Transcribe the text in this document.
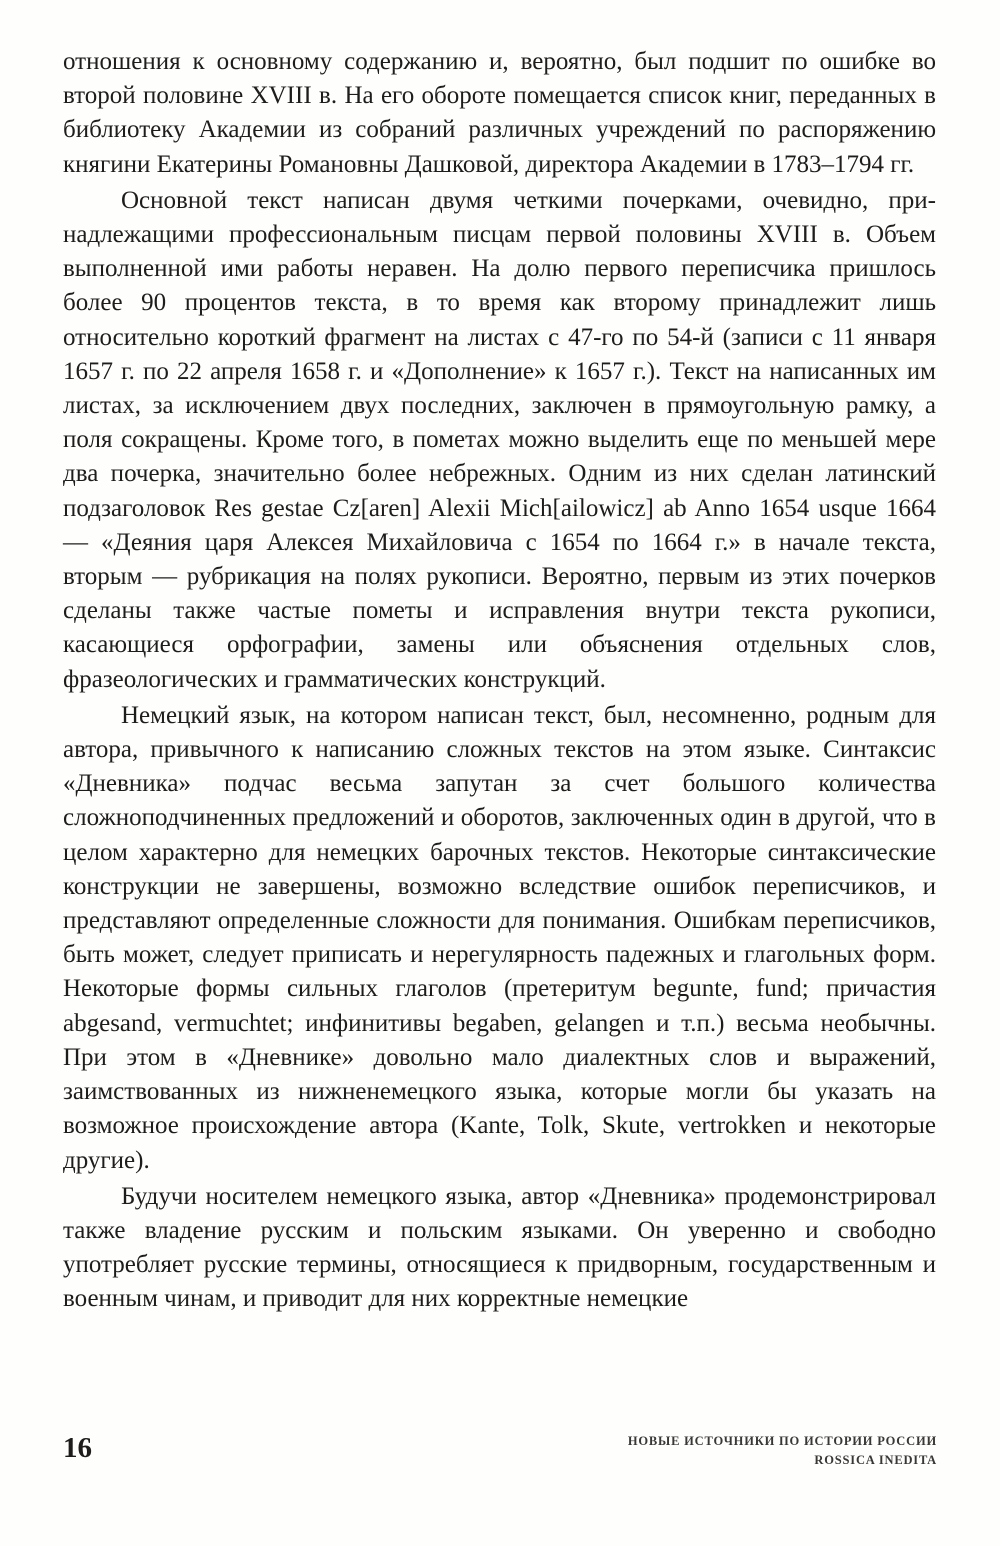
отношения к основному содержанию и, вероятно, был подшит по ошибке во второй половине XVIII в. На его обороте помещается список книг, переданных в библиотеку Академии из собраний различных учреждений по распоряжению княгини Екатерины Романовны Дашковой, директора Академии в 1783–1794 гг.

Основной текст написан двумя четкими почерками, очевидно, принадлежащими профессиональным писцам первой половины XVIII в. Объем выполненной ими работы неравен. На долю первого переписчика пришлось более 90 процентов текста, в то время как второму принадлежит лишь относительно короткий фрагмент на листах с 47-го по 54-й (записи с 11 января 1657 г. по 22 апреля 1658 г. и «Дополнение» к 1657 г.). Текст на написанных им листах, за исключением двух последних, заключен в прямоугольную рамку, а поля сокращены. Кроме того, в пометах можно выделить еще по меньшей мере два почерка, значительно более небрежных. Одним из них сделан латинский подзаголовок Res gestae Cz[aren] Alexii Mich[ailowicz] ab Anno 1654 usque 1664 — «Деяния царя Алексея Михайловича с 1654 по 1664 г.» в начале текста, вторым — рубрикация на полях рукописи. Вероятно, первым из этих почерков сделаны также частые пометы и исправления внутри текста рукописи, касающиеся орфографии, замены или объяснения отдельных слов, фразеологических и грамматических конструкций.

Немецкий язык, на котором написан текст, был, несомненно, родным для автора, привычного к написанию сложных текстов на этом языке. Синтаксис «Дневника» подчас весьма запутан за счет большого количества сложноподчиненных предложений и оборотов, заключенных один в другой, что в целом характерно для немецких барочных текстов. Некоторые синтаксические конструкции не завершены, возможно вследствие ошибок переписчиков, и представляют определенные сложности для понимания. Ошибкам переписчиков, быть может, следует приписать и нерегулярность падежных и глагольных форм. Некоторые формы сильных глаголов (претеритум begunte, fund; причастия abgesand, vermuchtet; инфинитивы begaben, gelangen и т.п.) весьма необычны. При этом в «Дневнике» довольно мало диалектных слов и выражений, заимствованных из нижненемецкого языка, которые могли бы указать на возможное происхождение автора (Kante, Tolk, Skute, vertrokken и некоторые другие).

Будучи носителем немецкого языка, автор «Дневника» продемонстрировал также владение русским и польским языками. Он уверенно и свободно употребляет русские термины, относящиеся к придворным, государственным и военным чинам, и приводит для них корректные немецкие

16	НОВЫЕ ИСТОЧНИКИ ПО ИСТОРИИ РОССИИ
ROSSICA INEDITA
